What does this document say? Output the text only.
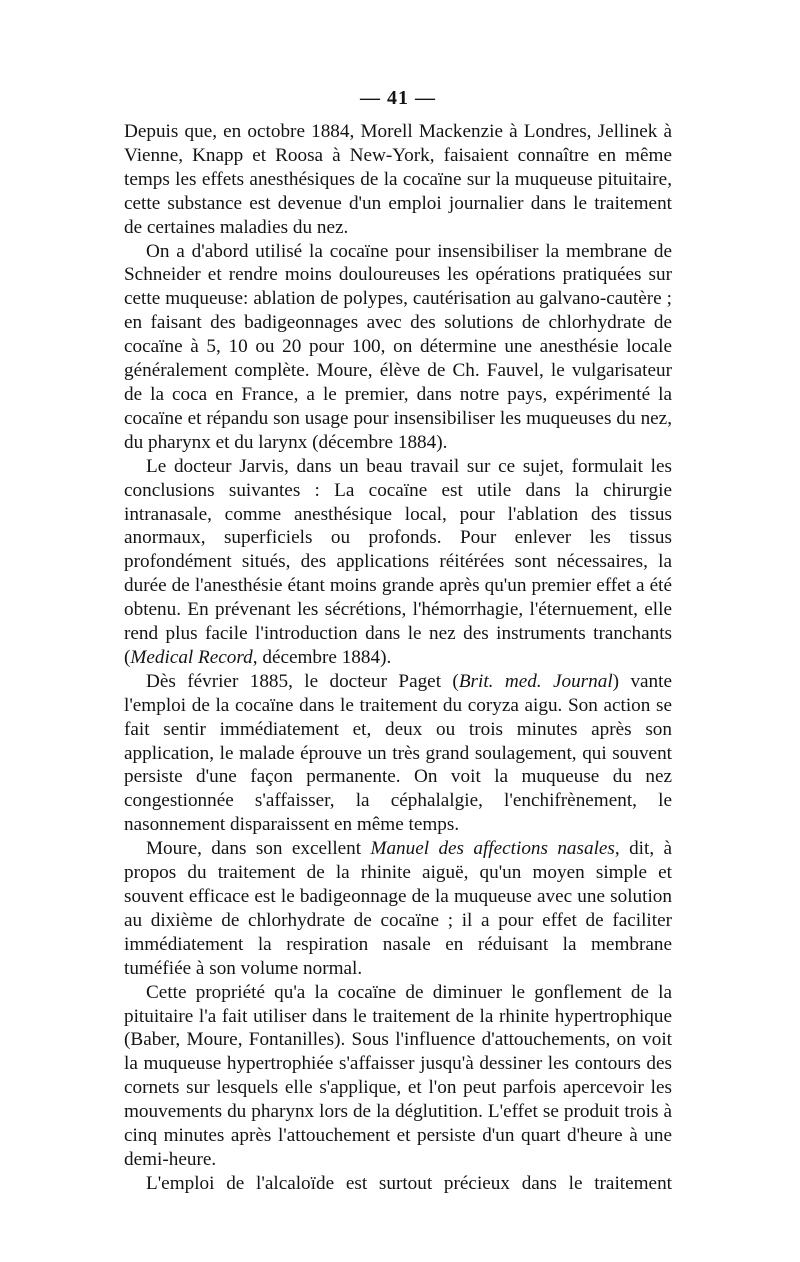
— 41 —

Depuis que, en octobre 1884, Morell Mackenzie à Londres, Jellinek à Vienne, Knapp et Roosa à New-York, faisaient connaître en même temps les effets anesthésiques de la cocaïne sur la muqueuse pituitaire, cette substance est devenue d'un emploi journalier dans le traitement de certaines maladies du nez.

On a d'abord utilisé la cocaïne pour insensibiliser la membrane de Schneider et rendre moins douloureuses les opérations pratiquées sur cette muqueuse: ablation de polypes, cautérisation au galvano-cautère ; en faisant des badigeonnages avec des solutions de chlorhydrate de cocaïne à 5, 10 ou 20 pour 100, on détermine une anesthésie locale généralement complète. Moure, élève de Ch. Fauvel, le vulgarisateur de la coca en France, a le premier, dans notre pays, expérimenté la cocaïne et répandu son usage pour insensibiliser les muqueuses du nez, du pharynx et du larynx (décembre 1884).

Le docteur Jarvis, dans un beau travail sur ce sujet, formulait les conclusions suivantes : La cocaïne est utile dans la chirurgie intranasale, comme anesthésique local, pour l'ablation des tissus anormaux, superficiels ou profonds. Pour enlever les tissus profondément situés, des applications réitérées sont nécessaires, la durée de l'anesthésie étant moins grande après qu'un premier effet a été obtenu. En prévenant les sécrétions, l'hémorrhagie, l'éternuement, elle rend plus facile l'introduction dans le nez des instruments tranchants (Medical Record, décembre 1884).

Dès février 1885, le docteur Paget (Brit. med. Journal) vante l'emploi de la cocaïne dans le traitement du coryza aigu. Son action se fait sentir immédiatement et, deux ou trois minutes après son application, le malade éprouve un très grand soulagement, qui souvent persiste d'une façon permanente. On voit la muqueuse du nez congestionnée s'affaisser, la céphalalgie, l'enchifrènement, le nasonnement disparaissent en même temps.

Moure, dans son excellent Manuel des affections nasales, dit, à propos du traitement de la rhinite aiguë, qu'un moyen simple et souvent efficace est le badigeonnage de la muqueuse avec une solution au dixième de chlorhydrate de cocaïne ; il a pour effet de faciliter immédiatement la respiration nasale en réduisant la membrane tuméfiée à son volume normal.

Cette propriété qu'a la cocaïne de diminuer le gonflement de la pituitaire l'a fait utiliser dans le traitement de la rhinite hypertrophique (Baber, Moure, Fontanilles). Sous l'influence d'attouchements, on voit la muqueuse hypertrophiée s'affaisser jusqu'à dessiner les contours des cornets sur lesquels elle s'applique, et l'on peut parfois apercevoir les mouvements du pharynx lors de la déglutition. L'effet se produit trois à cinq minutes après l'attouchement et persiste d'un quart d'heure à une demi-heure.

L'emploi de l'alcaloïde est surtout précieux dans le traitement
